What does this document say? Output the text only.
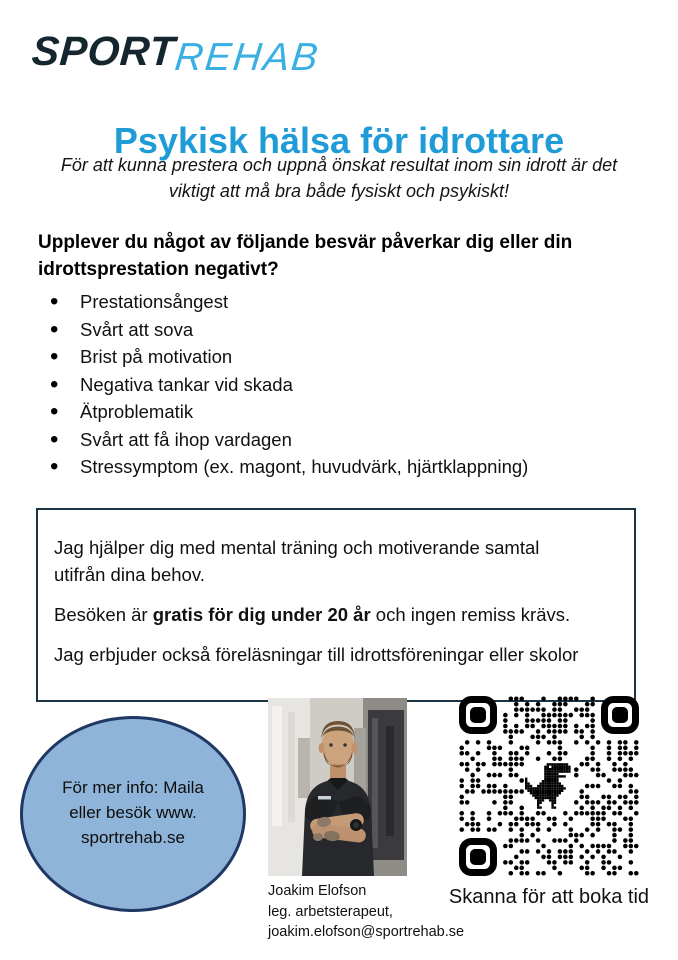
SPORT
REHAB
Psykisk hälsa för idrottare
För att kunna prestera och uppnå önskat resultat inom sin idrott är det
viktigt att må bra både fysiskt och psykiskt!
Upplever du något av följande besvär påverkar dig eller din
idrottsprestation negativt?
• Prestationsångest
• Svårt att sova
• Brist på motivation
• Negativa tankar vid skada
• Ätproblematik
• Svårt att få ihop vardagen
• Stressymptom (ex. magont, huvudvärk, hjärtklappning)

Jag hjälper dig med mental träning och motiverande samtal
utifrån dina behov.

Besöken är gratis för dig under 20 år och ingen remiss krävs.

Jag erbjuder också föreläsningar till idrottsföreningar eller skolor

För mer info: Maila
eller besök www.
sportrehab.se
Joakim Elofson
leg. arbetsterapeut,
joakim.elofson@sportrehab.se
Skanna för att boka tid
